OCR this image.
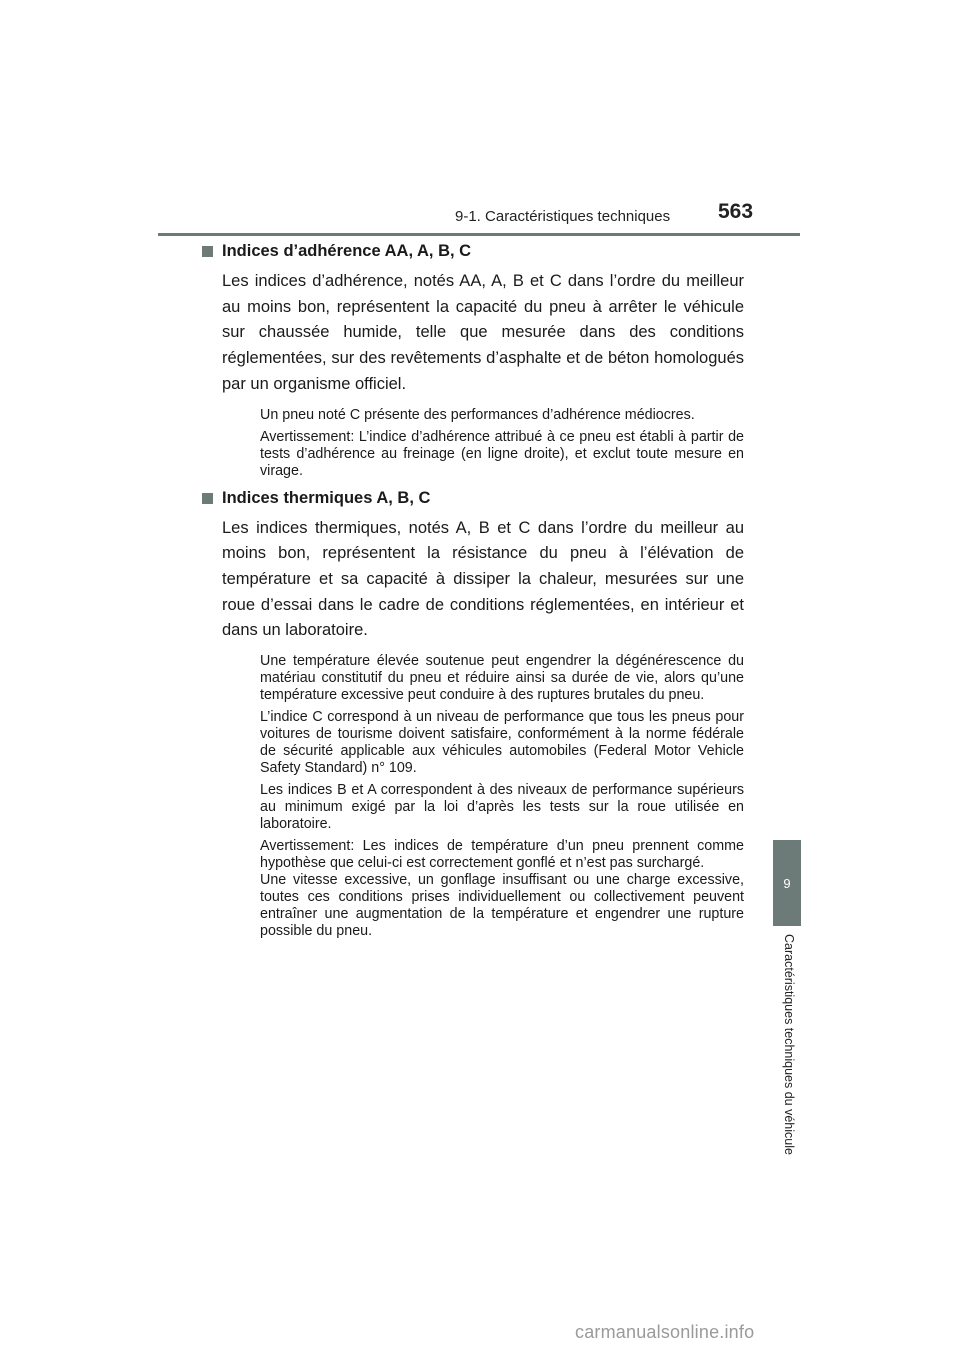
9-1. Caractéristiques techniques 563
9
Caractéristiques techniques du véhicule
Indices d’adhérence AA, A, B, C

Les indices d’adhérence, notés AA, A, B et C dans l’ordre du meilleur au moins bon, représentent la capacité du pneu à arrêter le véhicule sur chaussée humide, telle que mesurée dans des conditions réglementées, sur des revêtements d’asphalte et de béton homologués par un organisme officiel.

Un pneu noté C présente des performances d’adhérence médiocres.

Avertissement: L’indice d’adhérence attribué à ce pneu est établi à partir de tests d’adhérence au freinage (en ligne droite), et exclut toute mesure en virage.

Indices thermiques A, B, C

Les indices thermiques, notés A, B et C dans l’ordre du meilleur au moins bon, représentent la résistance du pneu à l’élévation de température et sa capacité à dissiper la chaleur, mesurées sur une roue d’essai dans le cadre de conditions réglementées, en intérieur et dans un laboratoire.

Une température élevée soutenue peut engendrer la dégénérescence du matériau constitutif du pneu et réduire ainsi sa durée de vie, alors qu’une température excessive peut conduire à des ruptures brutales du pneu.

L’indice C correspond à un niveau de performance que tous les pneus pour voitures de tourisme doivent satisfaire, conformément à la norme fédérale de sécurité applicable aux véhicules automobiles (Federal Motor Vehicle Safety Standard) n° 109.

Les indices B et A correspondent à des niveaux de performance supérieurs au minimum exigé par la loi d’après les tests sur la roue utilisée en laboratoire.

Avertissement: Les indices de température d’un pneu prennent comme hypothèse que celui-ci est correctement gonflé et n’est pas surchargé.

Une vitesse excessive, un gonflage insuffisant ou une charge excessive, toutes ces conditions prises individuellement ou collectivement peuvent entraîner une augmentation de la température et engendrer une rupture possible du pneu.

carmanualsonline.info
